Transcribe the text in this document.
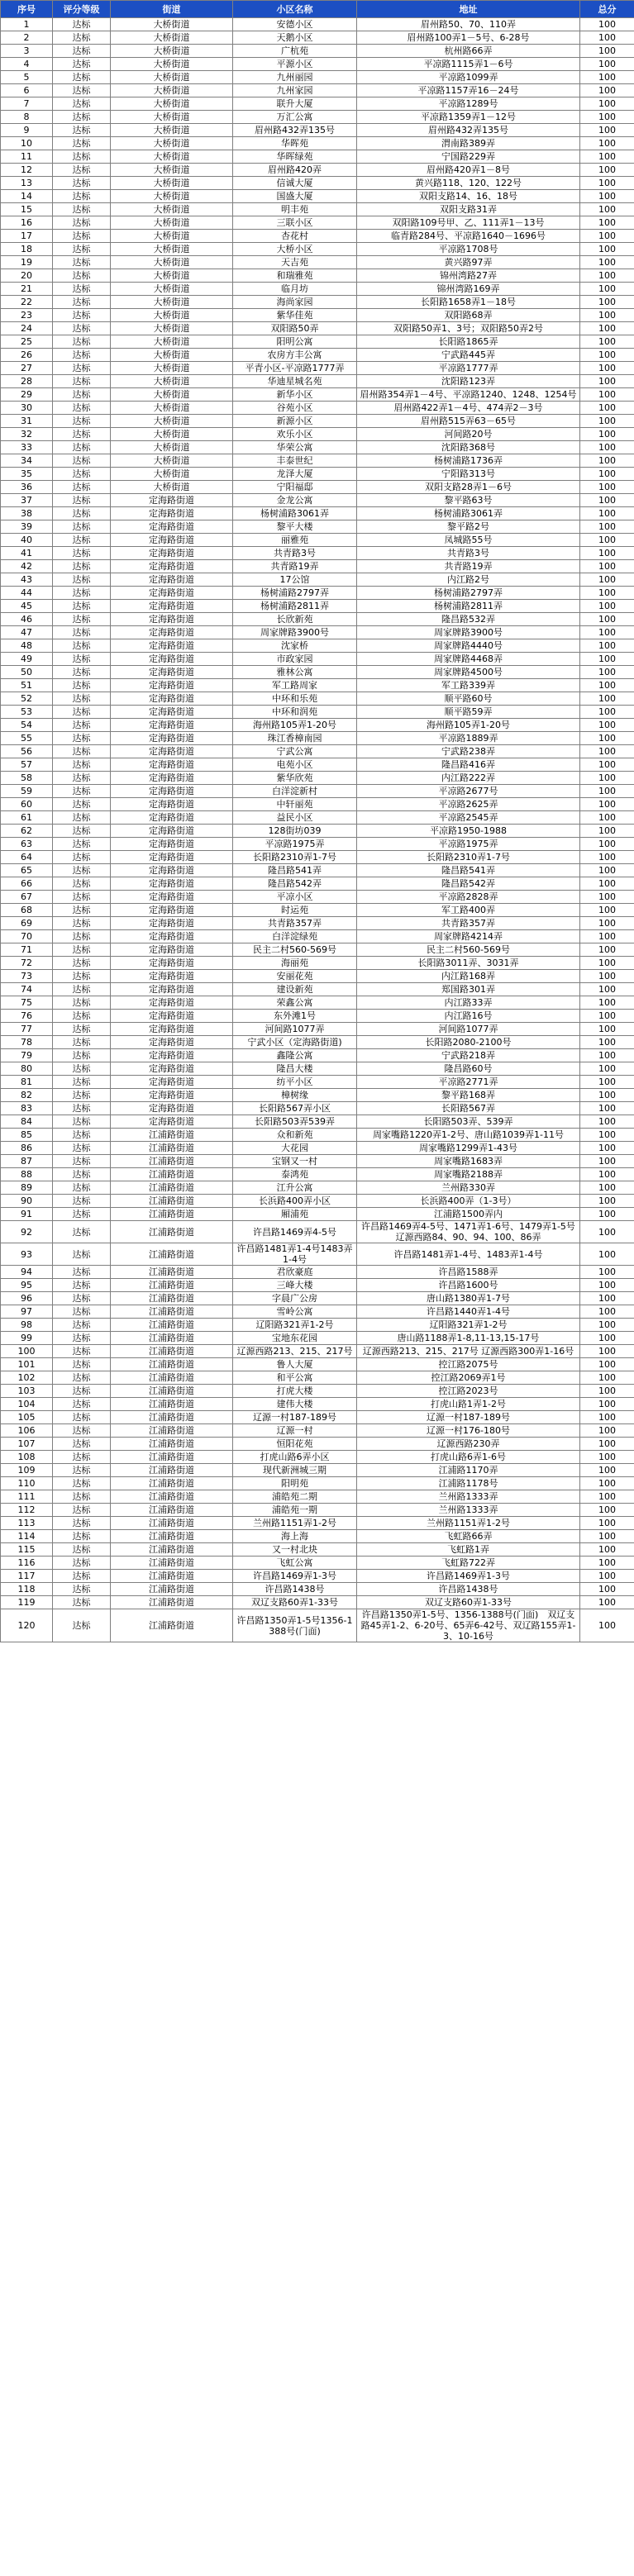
序号	评分等级	街道	小区名称	地址	总分
1	达标	大桥街道	安德小区	眉州路50、70、110弄	100
2	达标	大桥街道	天鹅小区	眉州路100弄1－5号、6-28号	100
3	达标	大桥街道	广杭苑	杭州路66弄	100
4	达标	大桥街道	平源小区	平凉路1115弄1－6号	100
5	达标	大桥街道	九州丽园	平凉路1099弄	100
6	达标	大桥街道	九州家园	平凉路1157弄16－24号	100
7	达标	大桥街道	联升大厦	平凉路1289号	100
8	达标	大桥街道	万汇公寓	平凉路1359弄1－12号	100
9	达标	大桥街道	眉州路432弄135号	眉州路432弄135号	100
10	达标	大桥街道	华晖苑	渭南路389弄	100
11	达标	大桥街道	华晖绿苑	宁国路229弄	100
12	达标	大桥街道	眉州路420弄	眉州路420弄1－8号	100
13	达标	大桥街道	信诚大厦	黄兴路118、120、122号	100
14	达标	大桥街道	国盛大厦	双阳支路14、16、18号	100
15	达标	大桥街道	明丰苑	双阳支路31弄	100
16	达标	大桥街道	三联小区	双阳路109号甲、乙、111弄1－13号	100
17	达标	大桥街道	杏花村	临青路284号、平凉路1640－1696号	100
18	达标	大桥街道	大桥小区	平凉路1708号	100
19	达标	大桥街道	天吉苑	黄兴路97弄	100
20	达标	大桥街道	和瑞雅苑	锦州湾路27弄	100
21	达标	大桥街道	临月坊	锦州湾路169弄	100
22	达标	大桥街道	海尚家园	长阳路1658弄1－18号	100
23	达标	大桥街道	紫华佳苑	双阳路68弄	100
24	达标	大桥街道	双阳路50弄	双阳路50弄1、3号；双阳路50弄2号	100
25	达标	大桥街道	阳明公寓	长阳路1865弄	100
26	达标	大桥街道	农房方丰公寓	宁武路445弄	100
27	达标	大桥街道	平青小区-平凉路1777弄	平凉路1777弄	100
28	达标	大桥街道	华迪星城名苑	沈阳路123弄	100
29	达标	大桥街道	新华小区	眉州路354弄1－4号、平凉路1240、1248、1254号	100
30	达标	大桥街道	谷苑小区	眉州路422弄1－4号、474弄2－3号	100
31	达标	大桥街道	新源小区	眉州路515弄63－65号	100
32	达标	大桥街道	欢乐小区	河间路20号	100
33	达标	大桥街道	华荣公寓	沈阳路368号	100
34	达标	大桥街道	丰泰世纪	杨树浦路1736弄	100
35	达标	大桥街道	龙泽大厦	宁阳路313号	100
36	达标	大桥街道	宁阳福邸	双阳支路28弄1－6号	100
37	达标	定海路街道	金龙公寓	黎平路63号	100
38	达标	定海路街道	杨树浦路3061弄	杨树浦路3061弄	100
39	达标	定海路街道	黎平大楼	黎平路2号	100
40	达标	定海路街道	丽雅苑	凤城路55号	100
41	达标	定海路街道	共青路3号	共青路3号	100
42	达标	定海路街道	共青路19弄	共青路19弄	100
43	达标	定海路街道	17公馆	内江路2号	100
44	达标	定海路街道	杨树浦路2797弄	杨树浦路2797弄	100
45	达标	定海路街道	杨树浦路2811弄	杨树浦路2811弄	100
46	达标	定海路街道	长欣新苑	隆昌路532弄	100
47	达标	定海路街道	周家牌路3900号	周家牌路3900号	100
48	达标	定海路街道	沈家桥	周家牌路4440号	100
49	达标	定海路街道	市政家园	周家牌路4468弄	100
50	达标	定海路街道	雅林公寓	周家牌路4500号	100
51	达标	定海路街道	军工路周家	军工路339弄	100
52	达标	定海路街道	中环和乐苑	顺平路60号	100
53	达标	定海路街道	中环和润苑	顺平路59弄	100
54	达标	定海路街道	海州路105弄1-20号	海州路105弄1-20号	100
55	达标	定海路街道	珠江香樟南园	平凉路1889弄	100
56	达标	定海路街道	宁武公寓	宁武路238弄	100
57	达标	定海路街道	电苑小区	隆昌路416弄	100
58	达标	定海路街道	紫华欣苑	内江路222弄	100
59	达标	定海路街道	白洋淀新村	平凉路2677号	100
60	达标	定海路街道	中轩丽苑	平凉路2625弄	100
61	达标	定海路街道	益民小区	平凉路2545弄	100
62	达标	定海路街道	128街坊039	平凉路1950-1988	100
63	达标	定海路街道	平凉路1975弄	平凉路1975弄	100
64	达标	定海路街道	长阳路2310弄1-7号	长阳路2310弄1-7号	100
65	达标	定海路街道	隆昌路541弄	隆昌路541弄	100
66	达标	定海路街道	隆昌路542弄	隆昌路542弄	100
67	达标	定海路街道	平凉小区	平凉路2828弄	100
68	达标	定海路街道	时运苑	军工路400弄	100
69	达标	定海路街道	共青路357弄	共青路357弄	100
70	达标	定海路街道	白洋淀绿苑	周家牌路4214弄	100
71	达标	定海路街道	民主二村560-569号	民主二村560-569号	100
72	达标	定海路街道	海丽苑	长阳路3011弄、3031弄	100
73	达标	定海路街道	安丽花苑	内江路168弄	100
74	达标	定海路街道	建设新苑	郑国路301弄	100
75	达标	定海路街道	荣鑫公寓	内江路33弄	100
76	达标	定海路街道	东外滩1号	内江路16号	100
77	达标	定海路街道	河间路1077弄	河间路1077弄	100
78	达标	定海路街道	宁武小区（定海路街道)	长阳路2080-2100号	100
79	达标	定海路街道	鑫隆公寓	宁武路218弄	100
80	达标	定海路街道	隆昌大楼	隆昌路60号	100
81	达标	定海路街道	纺平小区	平凉路2771弄	100
82	达标	定海路街道	樟树缘	黎平路168弄	100
83	达标	定海路街道	长阳路567弄小区	长阳路567弄	100
84	达标	定海路街道	长阳路503弄539弄	长阳路503弄、539弄	100
85	达标	江浦路街道	众和新苑	周家嘴路1220弄1-2号、唐山路1039弄1-11号	100
86	达标	江浦路街道	大花园	周家嘴路1299弄1-43号	100
87	达标	江浦路街道	宝钢又一村	周家嘴路1683弄	100
88	达标	江浦路街道	泰鸿苑	周家嘴路2188弄	100
89	达标	江浦路街道	江升公寓	兰州路330弄	100
90	达标	江浦路街道	长浜路400弄小区	长浜路400弄（1-3号）	100
91	达标	江浦路街道	厢浦苑	江浦路1500弄内	100
92	达标	江浦路街道	许昌路1469弄4-5号	许昌路1469弄4-5号、1471弄1-6号、1479弄1-5号 辽源西路84、90、94、100、86弄	100
93	达标	江浦路街道	许昌路1481弄1-4号1483弄1-4号	许昌路1481弄1-4号、1483弄1-4号	100
94	达标	江浦路街道	君欣豪庭	许昌路1588弄	100
95	达标	江浦路街道	三峰大楼	许昌路1600号	100
96	达标	江浦路街道	字晨广公房	唐山路1380弄1-7号	100
97	达标	江浦路街道	雪岭公寓	许昌路1440弄1-4号	100
98	达标	江浦路街道	辽阳路321弄1-2号	辽阳路321弄1-2号	100
99	达标	江浦路街道	宝地东花园	唐山路1188弄1-8,11-13,15-17号	100
100	达标	江浦路街道	辽源西路213、215、217号	辽源西路213、215、217号 辽源西路300弄1-16号	100
101	达标	江浦路街道	鲁人大厦	控江路2075号	100
102	达标	江浦路街道	和平公寓	控江路2069弄1号	100
103	达标	江浦路街道	打虎大楼	控江路2023号	100
104	达标	江浦路街道	建伟大楼	打虎山路1弄1-2号	100
105	达标	江浦路街道	辽源一村187-189号	辽源一村187-189号	100
106	达标	江浦路街道	辽源一村	辽源一村176-180号	100
107	达标	江浦路街道	恒阳花苑	辽源西路230弄	100
108	达标	江浦路街道	打虎山路6弄小区	打虎山路6弄1-6号	100
109	达标	江浦路街道	现代新洲城三期	江浦路1170弄	100
110	达标	江浦路街道	阳明苑	江浦路1178号	100
111	达标	江浦路街道	浦皓苑二期	兰州路1333弄	100
112	达标	江浦路街道	浦皓苑一期	兰州路1333弄	100
113	达标	江浦路街道	兰州路1151弄1-2号	兰州路1151弄1-2号	100
114	达标	江浦路街道	海上海	飞虹路66弄	100
115	达标	江浦路街道	又一村北块	飞虹路1弄	100
116	达标	江浦路街道	飞虹公寓	飞虹路722弄	100
117	达标	江浦路街道	许昌路1469弄1-3号	许昌路1469弄1-3号	100
118	达标	江浦路街道	许昌路1438号	许昌路1438号	100
119	达标	江浦路街道	双辽支路60弄1-33号	双辽支路60弄1-33号	100
120	达标	江浦路街道	许昌路1350弄1-5号1356-1388号(门面)	许昌路1350弄1-5号、1356-1388号(门面)　双辽支路45弄1-2、6-20号、65弄6-42号、双辽路155弄1-3、10-16号	100
